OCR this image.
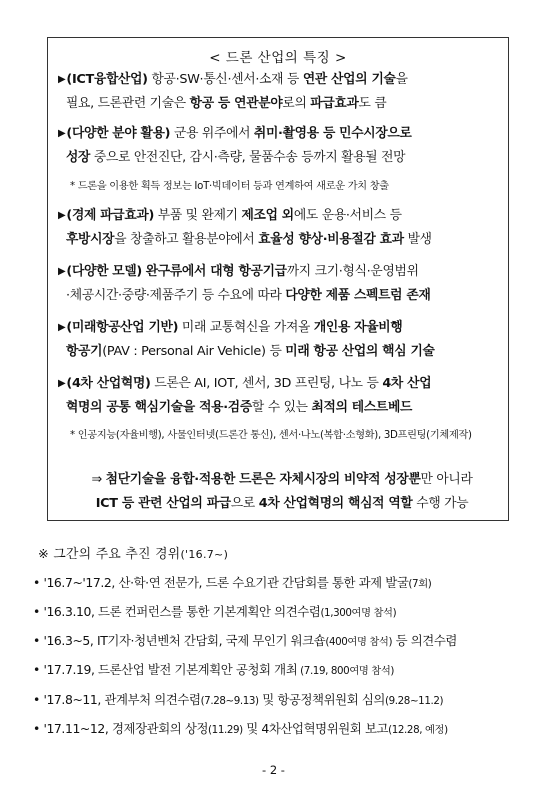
< 드론 산업의 특징 >
▶(ICT융합산업) 항공·SW·통신·센서·소재 등 연관 산업의 기술을
필요, 드론관련 기술은 항공 등 연관분야로의 파급효과도 큼
▶(다양한 분야 활용) 군용 위주에서 취미·촬영용 등 민수시장으로
성장 중으로 안전진단, 감시·측량, 물품수송 등까지 활용될 전망
* 드론을 이용한 획득 정보는 IoT·빅데이터 등과 연계하여 새로운 가치 창출
▶(경제 파급효과) 부품 및 완제기 제조업 외에도 운용·서비스 등
후방시장을 창출하고 활용분야에서 효율성 향상·비용절감 효과 발생
▶(다양한 모델) 완구류에서 대형 항공기급까지 크기·형식·운영범위
·체공시간·중량·제품주기 등 수요에 따라 다양한 제품 스펙트럼 존재
▶(미래항공산업 기반) 미래 교통혁신을 가져올 개인용 자율비행
항공기(PAV : Personal Air Vehicle) 등 미래 항공 산업의 핵심 기술
▶(4차 산업혁명) 드론은 AI, IOT, 센서, 3D 프린팅, 나노 등 4차 산업
혁명의 공통 핵심기술을 적용·검증할 수 있는 최적의 테스트베드
* 인공지능(자율비행), 사물인터넷(드론간 통신), 센서·나노(복합·소형화), 3D프린팅(기체제작)
⇒ 첨단기술을 융합·적용한 드론은 자체시장의 비약적 성장뿐만 아니라
ICT 등 관련 산업의 파급으로 4차 산업혁명의 핵심적 역할 수행 가능
※ 그간의 주요 추진 경위('16.7~)
• '16.7~'17.2, 산·학·연 전문가, 드론 수요기관 간담회를 통한 과제 발굴(7회)
• '16.3.10, 드론 컨퍼런스를 통한 기본계획안 의견수렴(1,300여명 참석)
• '16.3~5, IT기자·청년벤처 간담회, 국제 무인기 워크숍(400여명 참석) 등 의견수렴
• '17.7.19, 드론산업 발전 기본계획안 공청회 개최 (7.19, 800여명 참석)
• '17.8~11, 관계부처 의견수렴(7.28~9.13) 및 항공정책위원회 심의(9.28~11.2)
• '17.11~12, 경제장관회의 상정(11.29) 및 4차산업혁명위원회 보고(12.28, 예정)
- 2 -
